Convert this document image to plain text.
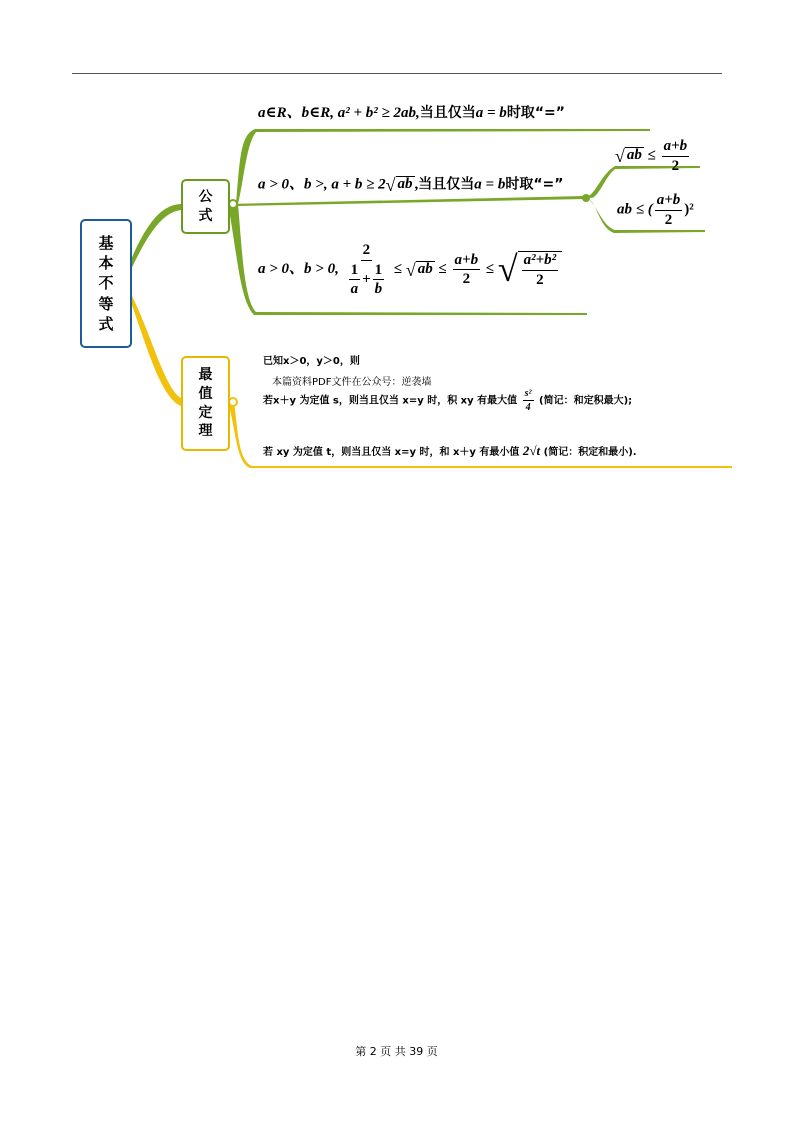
基
本
不
等
式
公
式
最
值
定
理
a∈R、b∈R, a² + b² ≥ 2ab,当且仅当a = b时取“=”
a > 0、b >, a + b ≥ 2 √ ab ,当且仅当a = b时取“=”
√ ab ≤ $\frac{a+b}{2}$
ab ≤ ( $\frac{a+b}{2} )^2$
a > 0、b > 0, $\frac{2}{\frac{1}{a} + \frac{1}{b}}$ ≤ √ ab ≤ $\frac{a+b}{2}$ ≤ √ $\frac{\text{a²+b²}}{2}$
已知x＞0，y＞0，则
本篇资料PDF文件在公众号：逆袭墙
若x＋y 为定值 s，则当且仅当 x=y 时，积 xy 有最大值 $\frac{\text{s²}}{4}$ (简记：和定积最大);
若 xy 为定值 t，则当且仅当 x=y 时，和 x＋y 有最小值 2√t (简记：积定和最小).
第 2 页 共 39 页
